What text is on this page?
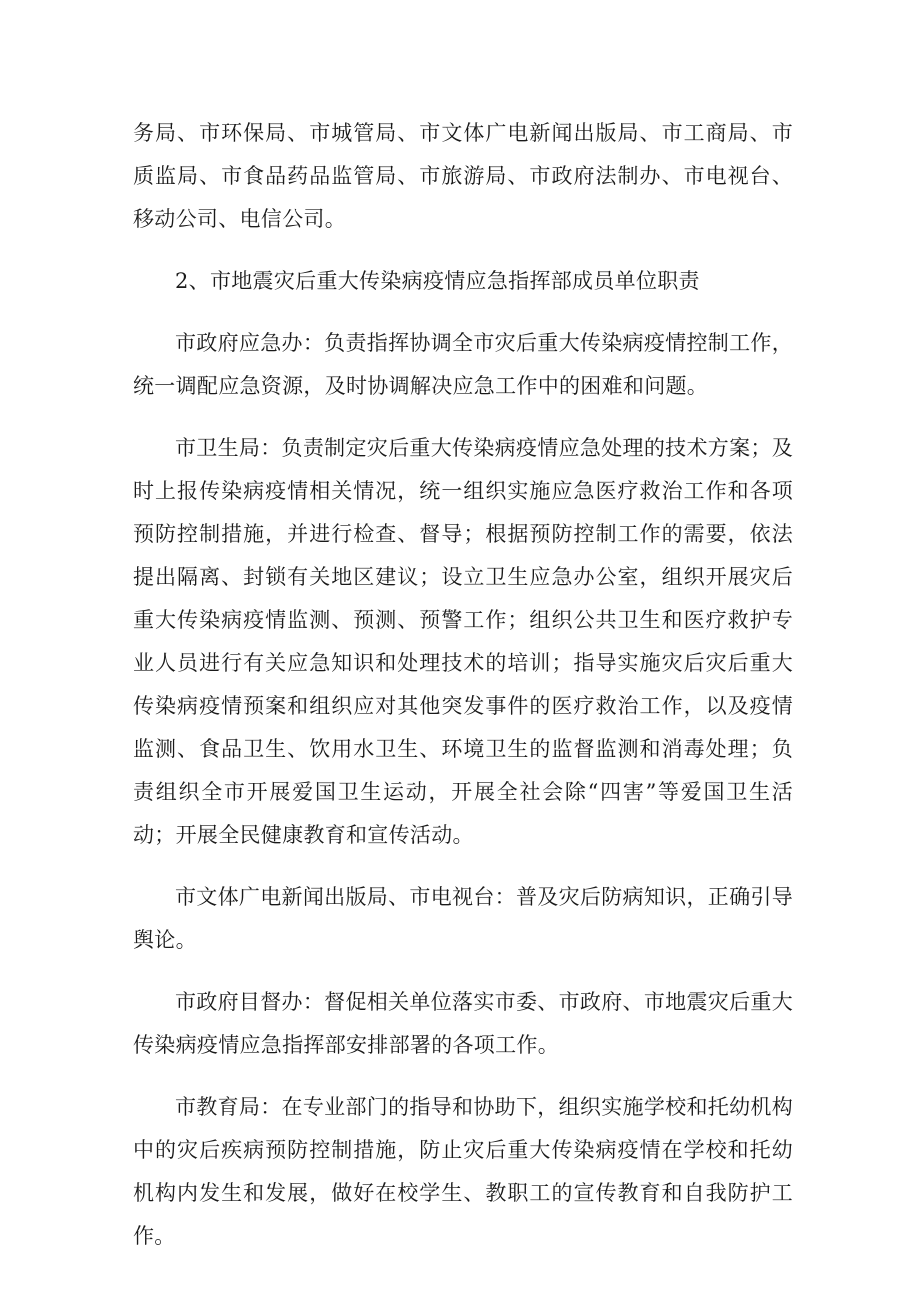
务局、市环保局、市城管局、市文体广电新闻出版局、市工商局、市质监局、市食品药品监管局、市旅游局、市政府法制办、市电视台、移动公司、电信公司。

2、市地震灾后重大传染病疫情应急指挥部成员单位职责

市政府应急办：负责指挥协调全市灾后重大传染病疫情控制工作，统一调配应急资源，及时协调解决应急工作中的困难和问题。

市卫生局：负责制定灾后重大传染病疫情应急处理的技术方案；及时上报传染病疫情相关情况，统一组织实施应急医疗救治工作和各项预防控制措施，并进行检查、督导；根据预防控制工作的需要，依法提出隔离、封锁有关地区建议；设立卫生应急办公室，组织开展灾后重大传染病疫情监测、预测、预警工作；组织公共卫生和医疗救护专业人员进行有关应急知识和处理技术的培训；指导实施灾后灾后重大传染病疫情预案和组织应对其他突发事件的医疗救治工作，以及疫情监测、食品卫生、饮用水卫生、环境卫生的监督监测和消毒处理；负责组织全市开展爱国卫生运动，开展全社会除“四害”等爱国卫生活动；开展全民健康教育和宣传活动。

市文体广电新闻出版局、市电视台：普及灾后防病知识，正确引导舆论。

市政府目督办：督促相关单位落实市委、市政府、市地震灾后重大传染病疫情应急指挥部安排部署的各项工作。

市教育局：在专业部门的指导和协助下，组织实施学校和托幼机构中的灾后疾病预防控制措施，防止灾后重大传染病疫情在学校和托幼机构内发生和发展，做好在校学生、教职工的宣传教育和自我防护工作。
